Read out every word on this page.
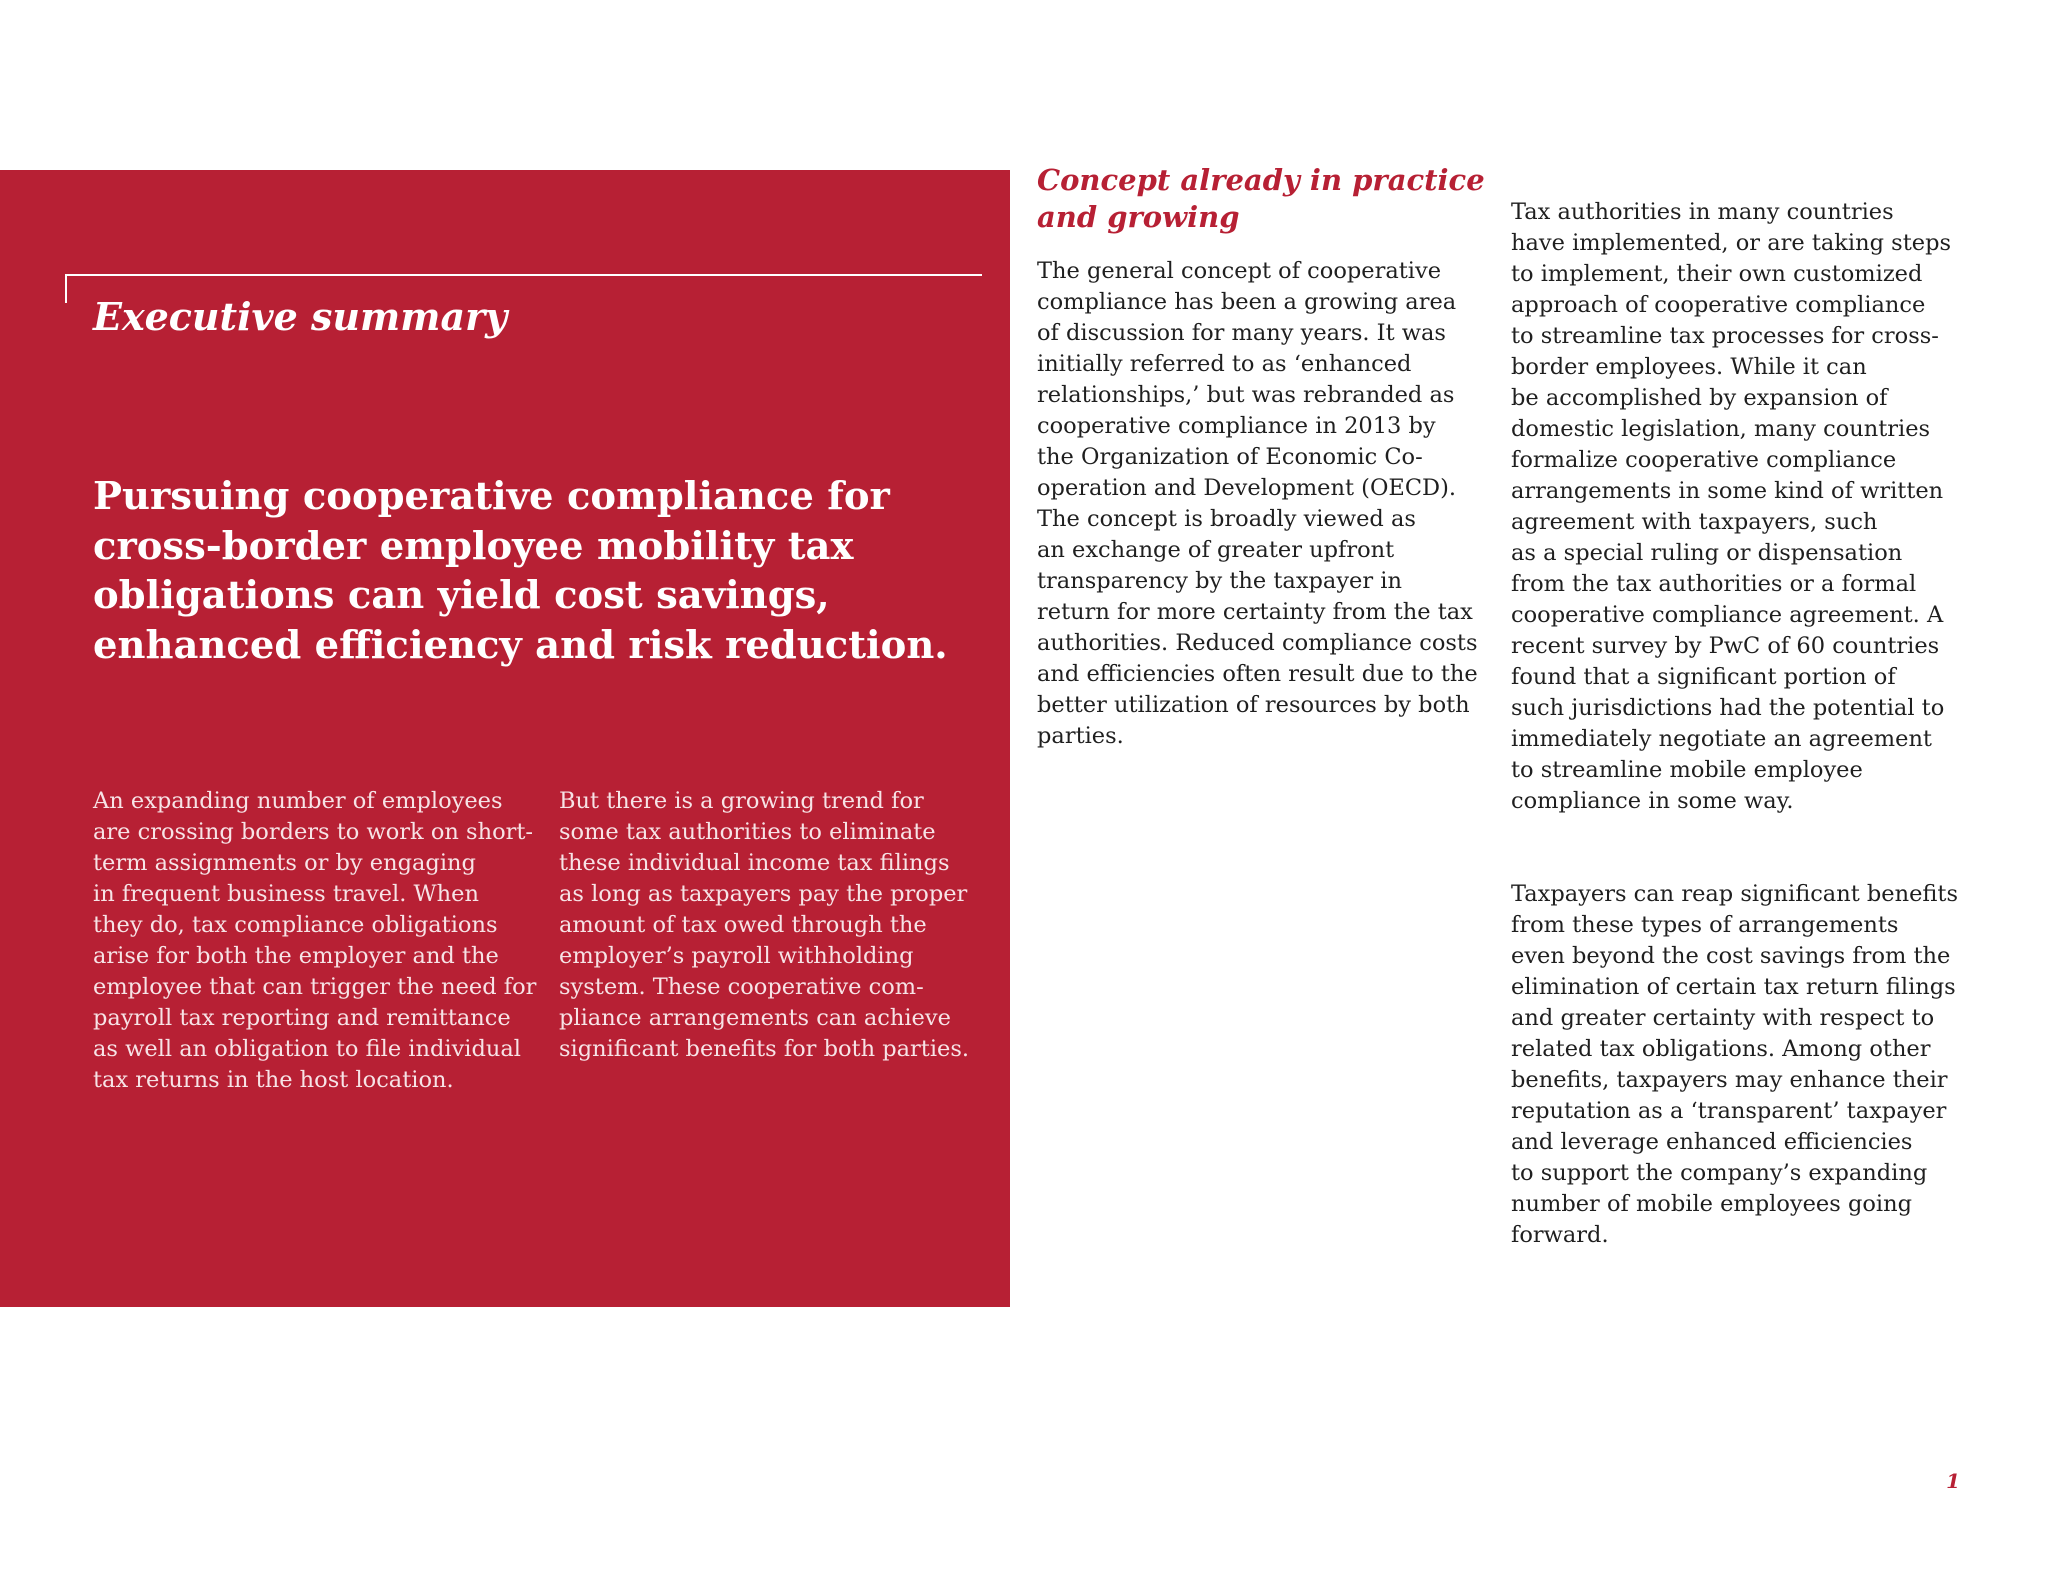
Executive summary
Pursuing cooperative compliance for cross-border employee mobility tax obligations can yield cost savings, enhanced efficiency and risk reduction.

An expanding number of employees
are crossing borders to work on short-
term assignments or by engaging
in frequent business travel. When
they do, tax compliance obligations
arise for both the employer and the
employee that can trigger the need for
payroll tax reporting and remittance
as well an obligation to file individual
tax returns in the host location.

But there is a growing trend for
some tax authorities to eliminate
these individual income tax filings
as long as taxpayers pay the proper
amount of tax owed through the
employer’s payroll withholding
system. These cooperative com-
pliance arrangements can achieve
significant benefits for both parties.

Concept already in practice
and growing

The general concept of cooperative
compliance has been a growing area
of discussion for many years. It was
initially referred to as ‘enhanced
relationships,’ but was rebranded as
cooperative compliance in 2013 by
the Organization of Economic Co-
operation and Development (OECD).
The concept is broadly viewed as
an exchange of greater upfront
transparency by the taxpayer in
return for more certainty from the tax
authorities. Reduced compliance costs
and efficiencies often result due to the
better utilization of resources by both
parties.

Tax authorities in many countries
have implemented, or are taking steps
to implement, their own customized
approach of cooperative compliance
to streamline tax processes for cross-
border employees. While it can
be accomplished by expansion of
domestic legislation, many countries
formalize cooperative compliance
arrangements in some kind of written
agreement with taxpayers, such
as a special ruling or dispensation
from the tax authorities or a formal
cooperative compliance agreement. A
recent survey by PwC of 60 countries
found that a significant portion of
such jurisdictions had the potential to
immediately negotiate an agreement
to streamline mobile employee
compliance in some way.

Taxpayers can reap significant benefits
from these types of arrangements
even beyond the cost savings from the
elimination of certain tax return filings
and greater certainty with respect to
related tax obligations. Among other
benefits, taxpayers may enhance their
reputation as a ‘transparent’ taxpayer
and leverage enhanced efficiencies
to support the company’s expanding
number of mobile employees going
forward.

1
